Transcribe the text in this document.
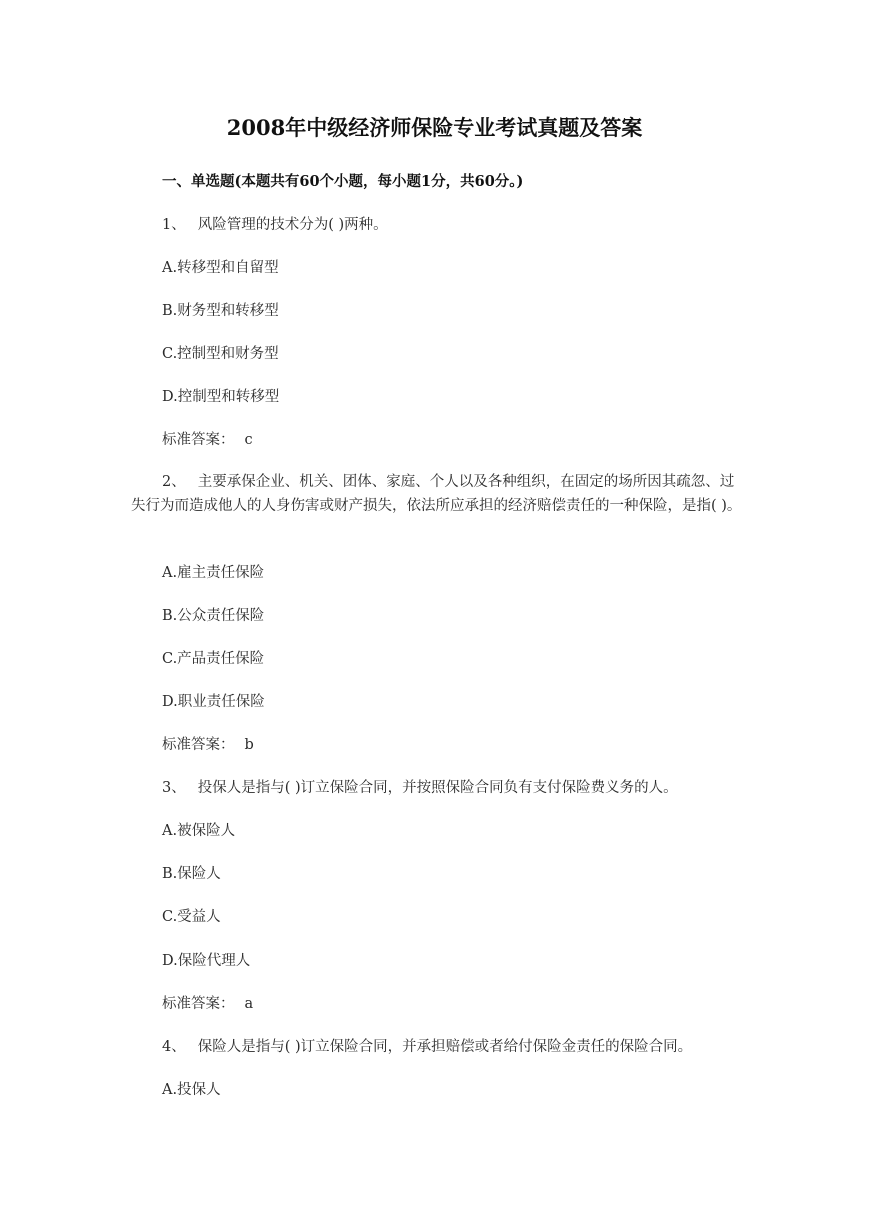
2008年中级经济师保险专业考试真题及答案
一、单选题(本题共有60个小题，每小题1分，共60分。)
1、 风险管理的技术分为( )两种。
A.转移型和自留型
B.财务型和转移型
C.控制型和财务型
D.控制型和转移型
标准答案： c
2、 主要承保企业、机关、团体、家庭、个人以及各种组织，在固定的场所因其疏忽、过失行为而造成他人的人身伤害或财产损失，依法所应承担的经济赔偿责任的一种保险，是指( )。
A.雇主责任保险
B.公众责任保险
C.产品责任保险
D.职业责任保险
标准答案： b
3、 投保人是指与( )订立保险合同，并按照保险合同负有支付保险费义务的人。
A.被保险人
B.保险人
C.受益人
D.保险代理人
标准答案： a
4、 保险人是指与( )订立保险合同，并承担赔偿或者给付保险金责任的保险合同。
A.投保人
